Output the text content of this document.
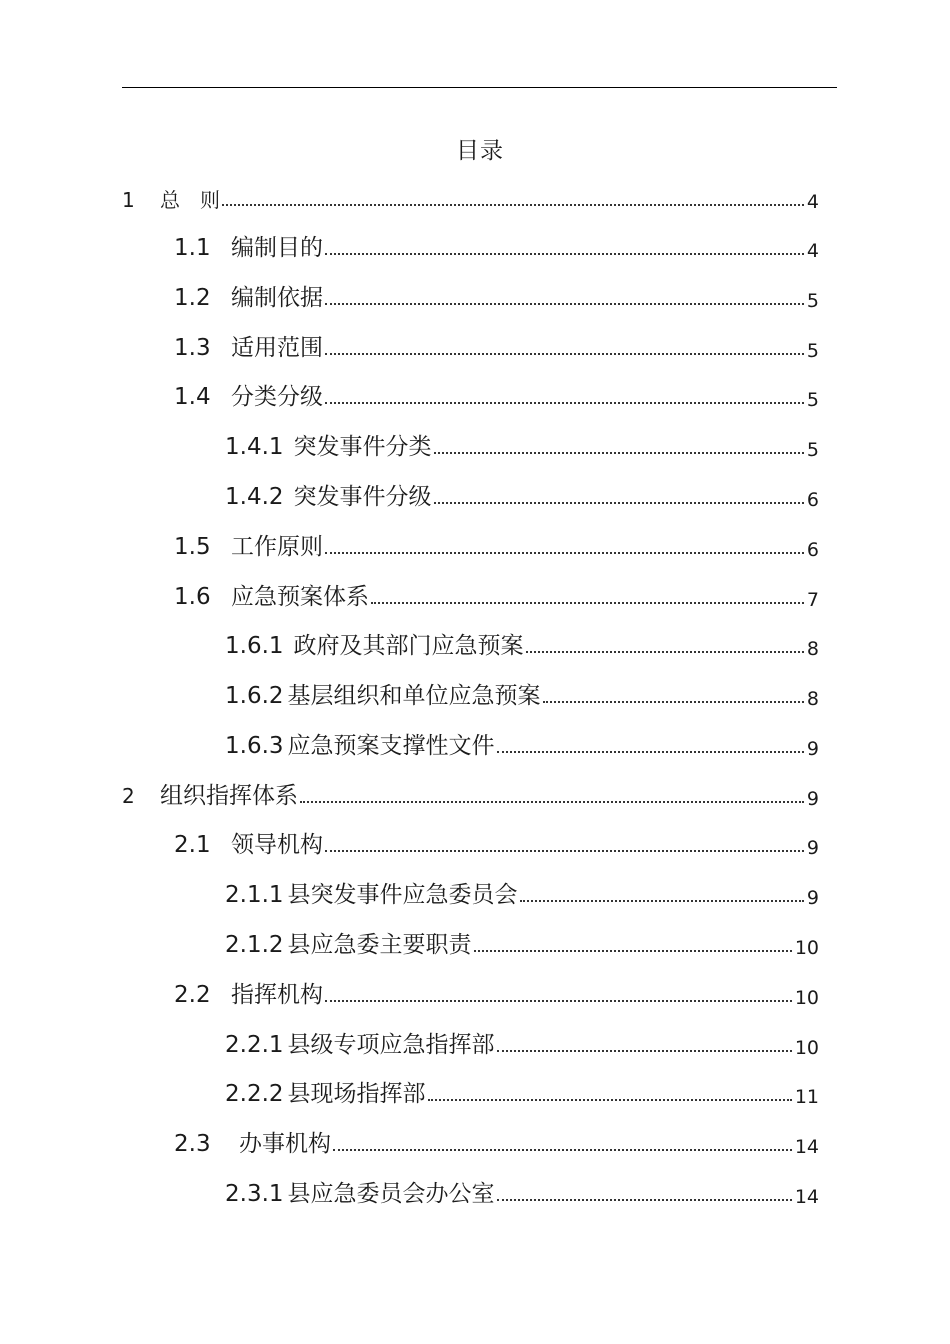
目录
1 总　则	4
1.1 编制目的	4
1.2 编制依据	5
1.3 适用范围	5
1.4 分类分级	5
1.4.1 突发事件分类	5
1.4.2 突发事件分级	6
1.5 工作原则	6
1.6 应急预案体系	7
1.6.1 政府及其部门应急预案	8
1.6.2 基层组织和单位应急预案	8
1.6.3 应急预案支撑性文件	9
2 组织指挥体系	9
2.1 领导机构	9
2.1.1 县突发事件应急委员会	9
2.1.2 县应急委主要职责	10
2.2 指挥机构	10
2.2.1 县级专项应急指挥部	10
2.2.2 县现场指挥部	11
2.3 办事机构	14
2.3.1 县应急委员会办公室	14
